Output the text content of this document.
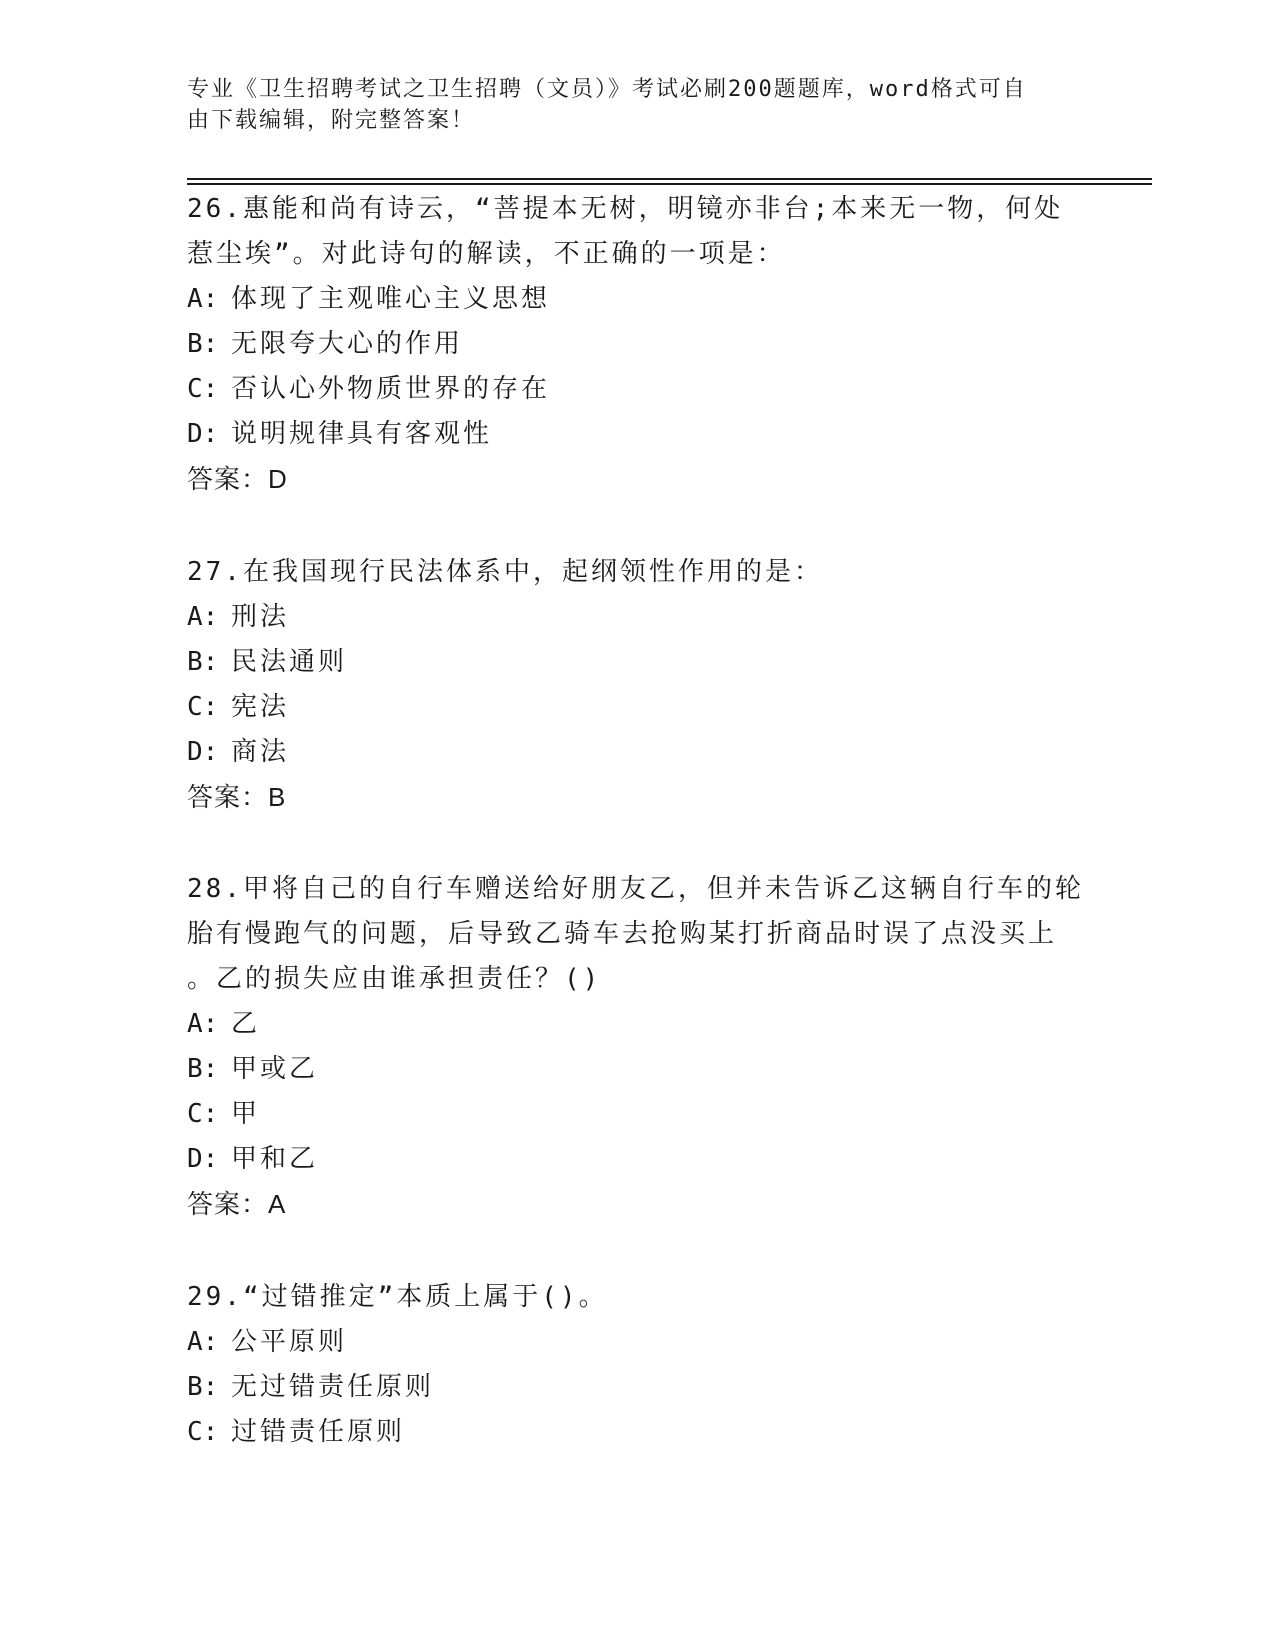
专业《卫生招聘考试之卫生招聘（文员）》考试必刷200题题库，word格式可自
由下载编辑，附完整答案！
26.惠能和尚有诗云，“菩提本无树，明镜亦非台;本来无一物，何处
惹尘埃”。对此诗句的解读，不正确的一项是：
A: 体现了主观唯心主义思想
B: 无限夸大心的作用
C: 否认心外物质世界的存在
D: 说明规律具有客观性
答案：D
27.在我国现行民法体系中，起纲领性作用的是：
A: 刑法
B: 民法通则
C: 宪法
D: 商法
答案：B
28.甲将自己的自行车赠送给好朋友乙，但并未告诉乙这辆自行车的轮
胎有慢跑气的问题，后导致乙骑车去抢购某打折商品时误了点没买上
。乙的损失应由谁承担责任？()
A: 乙
B: 甲或乙
C: 甲
D: 甲和乙
答案：A
29.“过错推定”本质上属于()。
A: 公平原则
B: 无过错责任原则
C: 过错责任原则
